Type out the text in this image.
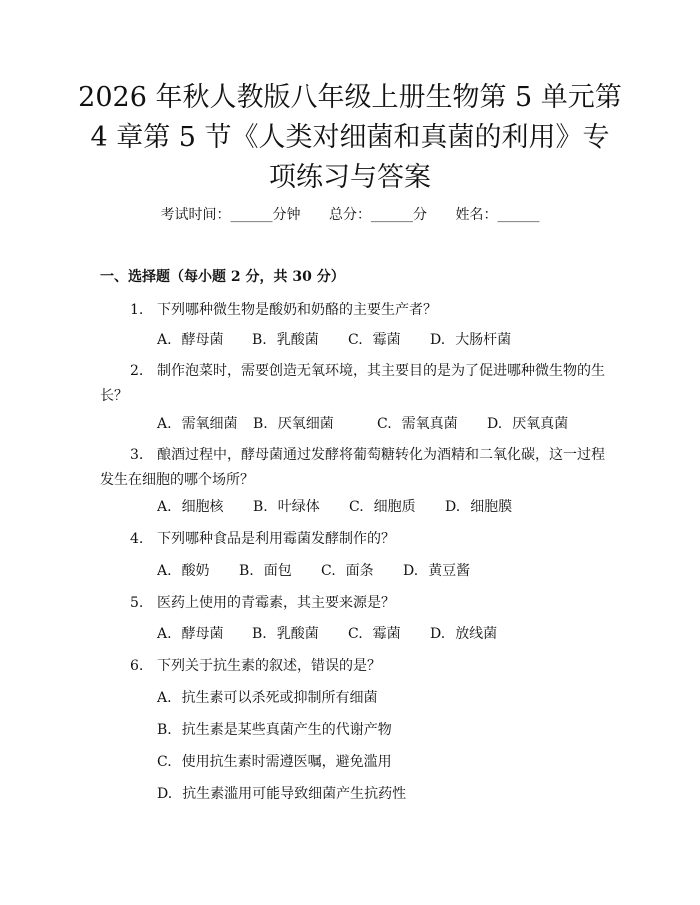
2026 年秋人教版八年级上册生物第 5 单元第
4 章第 5 节《人类对细菌和真菌的利用》专
项练习与答案
考试时间：______分钟 总分：______分 姓名：______
一、选择题（每小题 2 分，共 30 分）
1. 下列哪种微生物是酸奶和奶酪的主要生产者？
A. 酵母菌 B. 乳酸菌 C. 霉菌 D. 大肠杆菌
2. 制作泡菜时，需要创造无氧环境，其主要目的是为了促进哪种微生物的生长？
A. 需氧细菌 B. 厌氧细菌	C. 需氧真菌 D. 厌氧真菌
3. 酿酒过程中，酵母菌通过发酵将葡萄糖转化为酒精和二氧化碳，这一过程发生在细胞的哪个场所？
A. 细胞核 B. 叶绿体 C. 细胞质 D. 细胞膜
4. 下列哪种食品是利用霉菌发酵制作的？
A. 酸奶 B. 面包 C. 面条 D. 黄豆酱
5. 医药上使用的青霉素，其主要来源是？
A. 酵母菌 B. 乳酸菌 C. 霉菌 D. 放线菌
6. 下列关于抗生素的叙述，错误的是？
A. 抗生素可以杀死或抑制所有细菌
B. 抗生素是某些真菌产生的代谢产物
C. 使用抗生素时需遵医嘱，避免滥用
D. 抗生素滥用可能导致细菌产生抗药性
